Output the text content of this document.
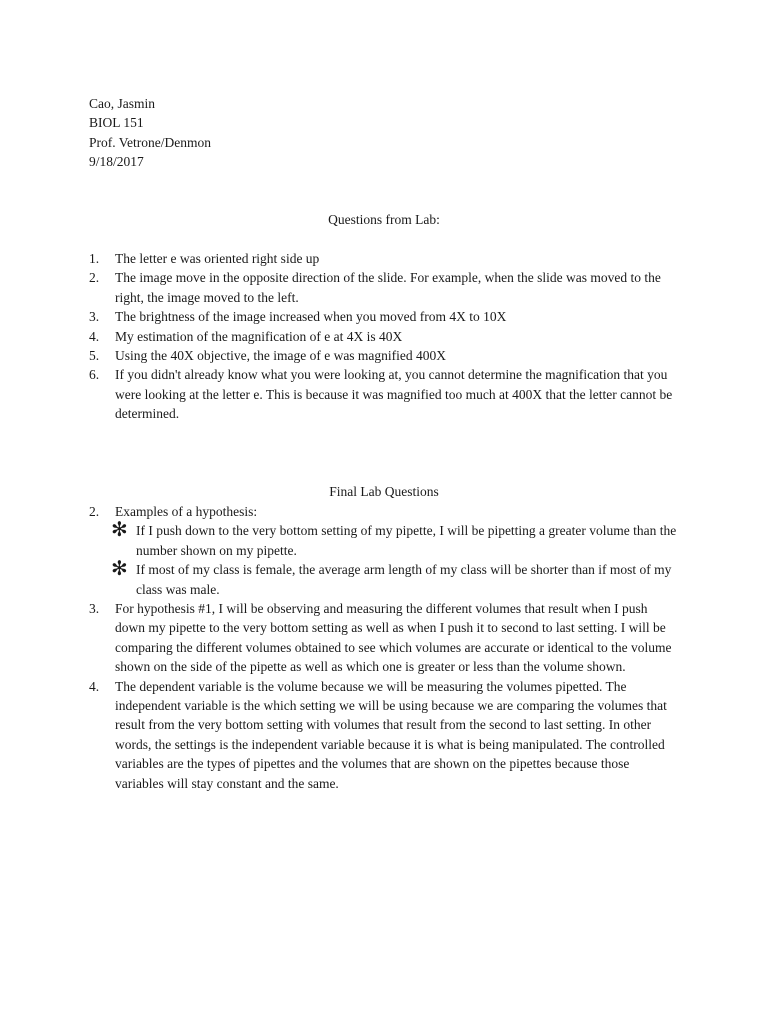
Cao, Jasmin
BIOL 151
Prof. Vetrone/Denmon
9/18/2017
Questions from Lab:
1.	The letter e was oriented right side up
2.	The image move in the opposite direction of the slide. For example, when the slide was moved to the right, the image moved to the left.
3.	The brightness of the image increased when you moved from 4X to 10X
4.	My estimation of the magnification of e at 4X is 40X
5.	Using the 40X objective, the image of e was magnified 400X
6.	If you didn't already know what you were looking at, you cannot determine the magnification that you were looking at the letter e. This is because it was magnified too much at 400X that the letter cannot be determined.
Final Lab Questions
2.	Examples of a hypothesis:
✻ If I push down to the very bottom setting of my pipette, I will be pipetting a greater volume than the number shown on my pipette.
✻ If most of my class is female, the average arm length of my class will be shorter than if most of my class was male.
3.	For hypothesis #1, I will be observing and measuring the different volumes that result when I push down my pipette to the very bottom setting as well as when I push it to second to last setting. I will be comparing the different volumes obtained to see which volumes are accurate or identical to the volume shown on the side of the pipette as well as which one is greater or less than the volume shown.
4.	The dependent variable is the volume because we will be measuring the volumes pipetted. The independent variable is the which setting we will be using because we are comparing the volumes that result from the very bottom setting with volumes that result from the second to last setting. In other words, the settings is the independent variable because it is what is being manipulated. The controlled variables are the types of pipettes and the volumes that are shown on the pipettes because those variables will stay constant and the same.
